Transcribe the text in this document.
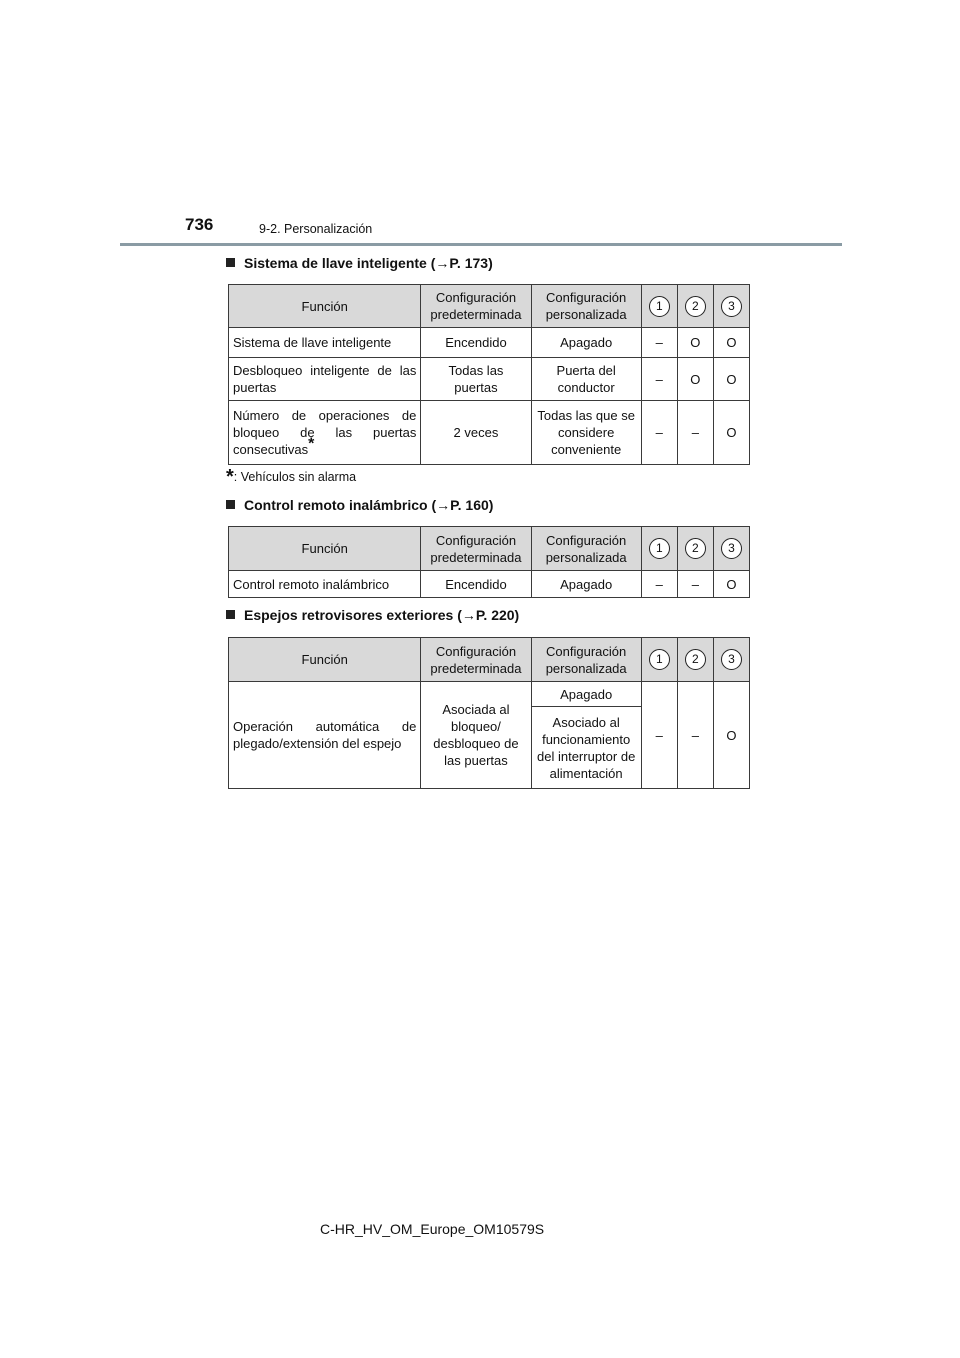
736	9-2. Personalización
Sistema de llave inteligente (→P. 173)
Función	Configuración predeterminada	Configuración personalizada	1	2	3
Sistema de llave inteligente	Encendido	Apagado	–	O	O
Desbloqueo inteligente de las puertas	Todas las puertas	Puerta del conductor	–	O	O
Número de operaciones de bloqueo de las puertas consecutivas*	2 veces	Todas las que se considere conveniente	–	–	O
*: Vehículos sin alarma
Control remoto inalámbrico (→P. 160)
Función	Configuración predeterminada	Configuración personalizada	1	2	3
Control remoto inalámbrico	Encendido	Apagado	–	–	O
Espejos retrovisores exteriores (→P. 220)
Función	Configuración predeterminada	Configuración personalizada	1	2	3
Operación automática de plegado/extensión del espejo	Asociada al bloqueo/ desbloqueo de las puertas	Apagado	–	–	O
		Asociado al funcionamiento del interruptor de alimentación			
C-HR_HV_OM_Europe_OM10579S
